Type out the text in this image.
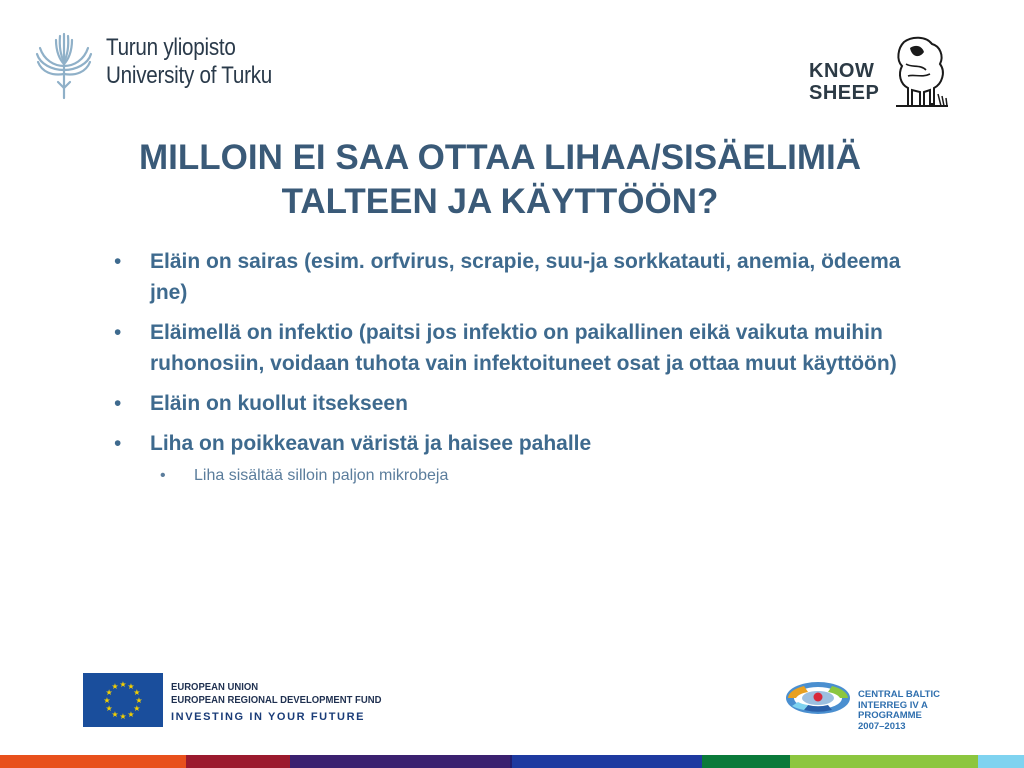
Turun yliopisto
University of Turku	KNOW
SHEEP
MILLOIN EI SAA OTTAA LIHAA/SISÄELIMIÄ
TALTEEN JA KÄYTTÖÖN?
• Eläin on sairas (esim. orfvirus, scrapie, suu-ja sorkkatauti, anemia, ödeema jne)
• Eläimellä on infektio (paitsi jos infektio on paikallinen eikä vaikuta muihin ruhonosiin, voidaan tuhota vain infektoituneet osat ja ottaa muut käyttöön)
• Eläin on kuollut itsekseen
• Liha on poikkeavan väristä ja haisee pahalle
• Liha sisältää silloin paljon mikrobeja
★
★
★
★
★
★
★
★
★ ★ ★
★	EUROPEAN UNION
EUROPEAN REGIONAL DEVELOPMENT FUND
INVESTING IN YOUR FUTURE
CENTRAL BALTIC
INTERREG IV A
PROGRAMME
2007–2013
